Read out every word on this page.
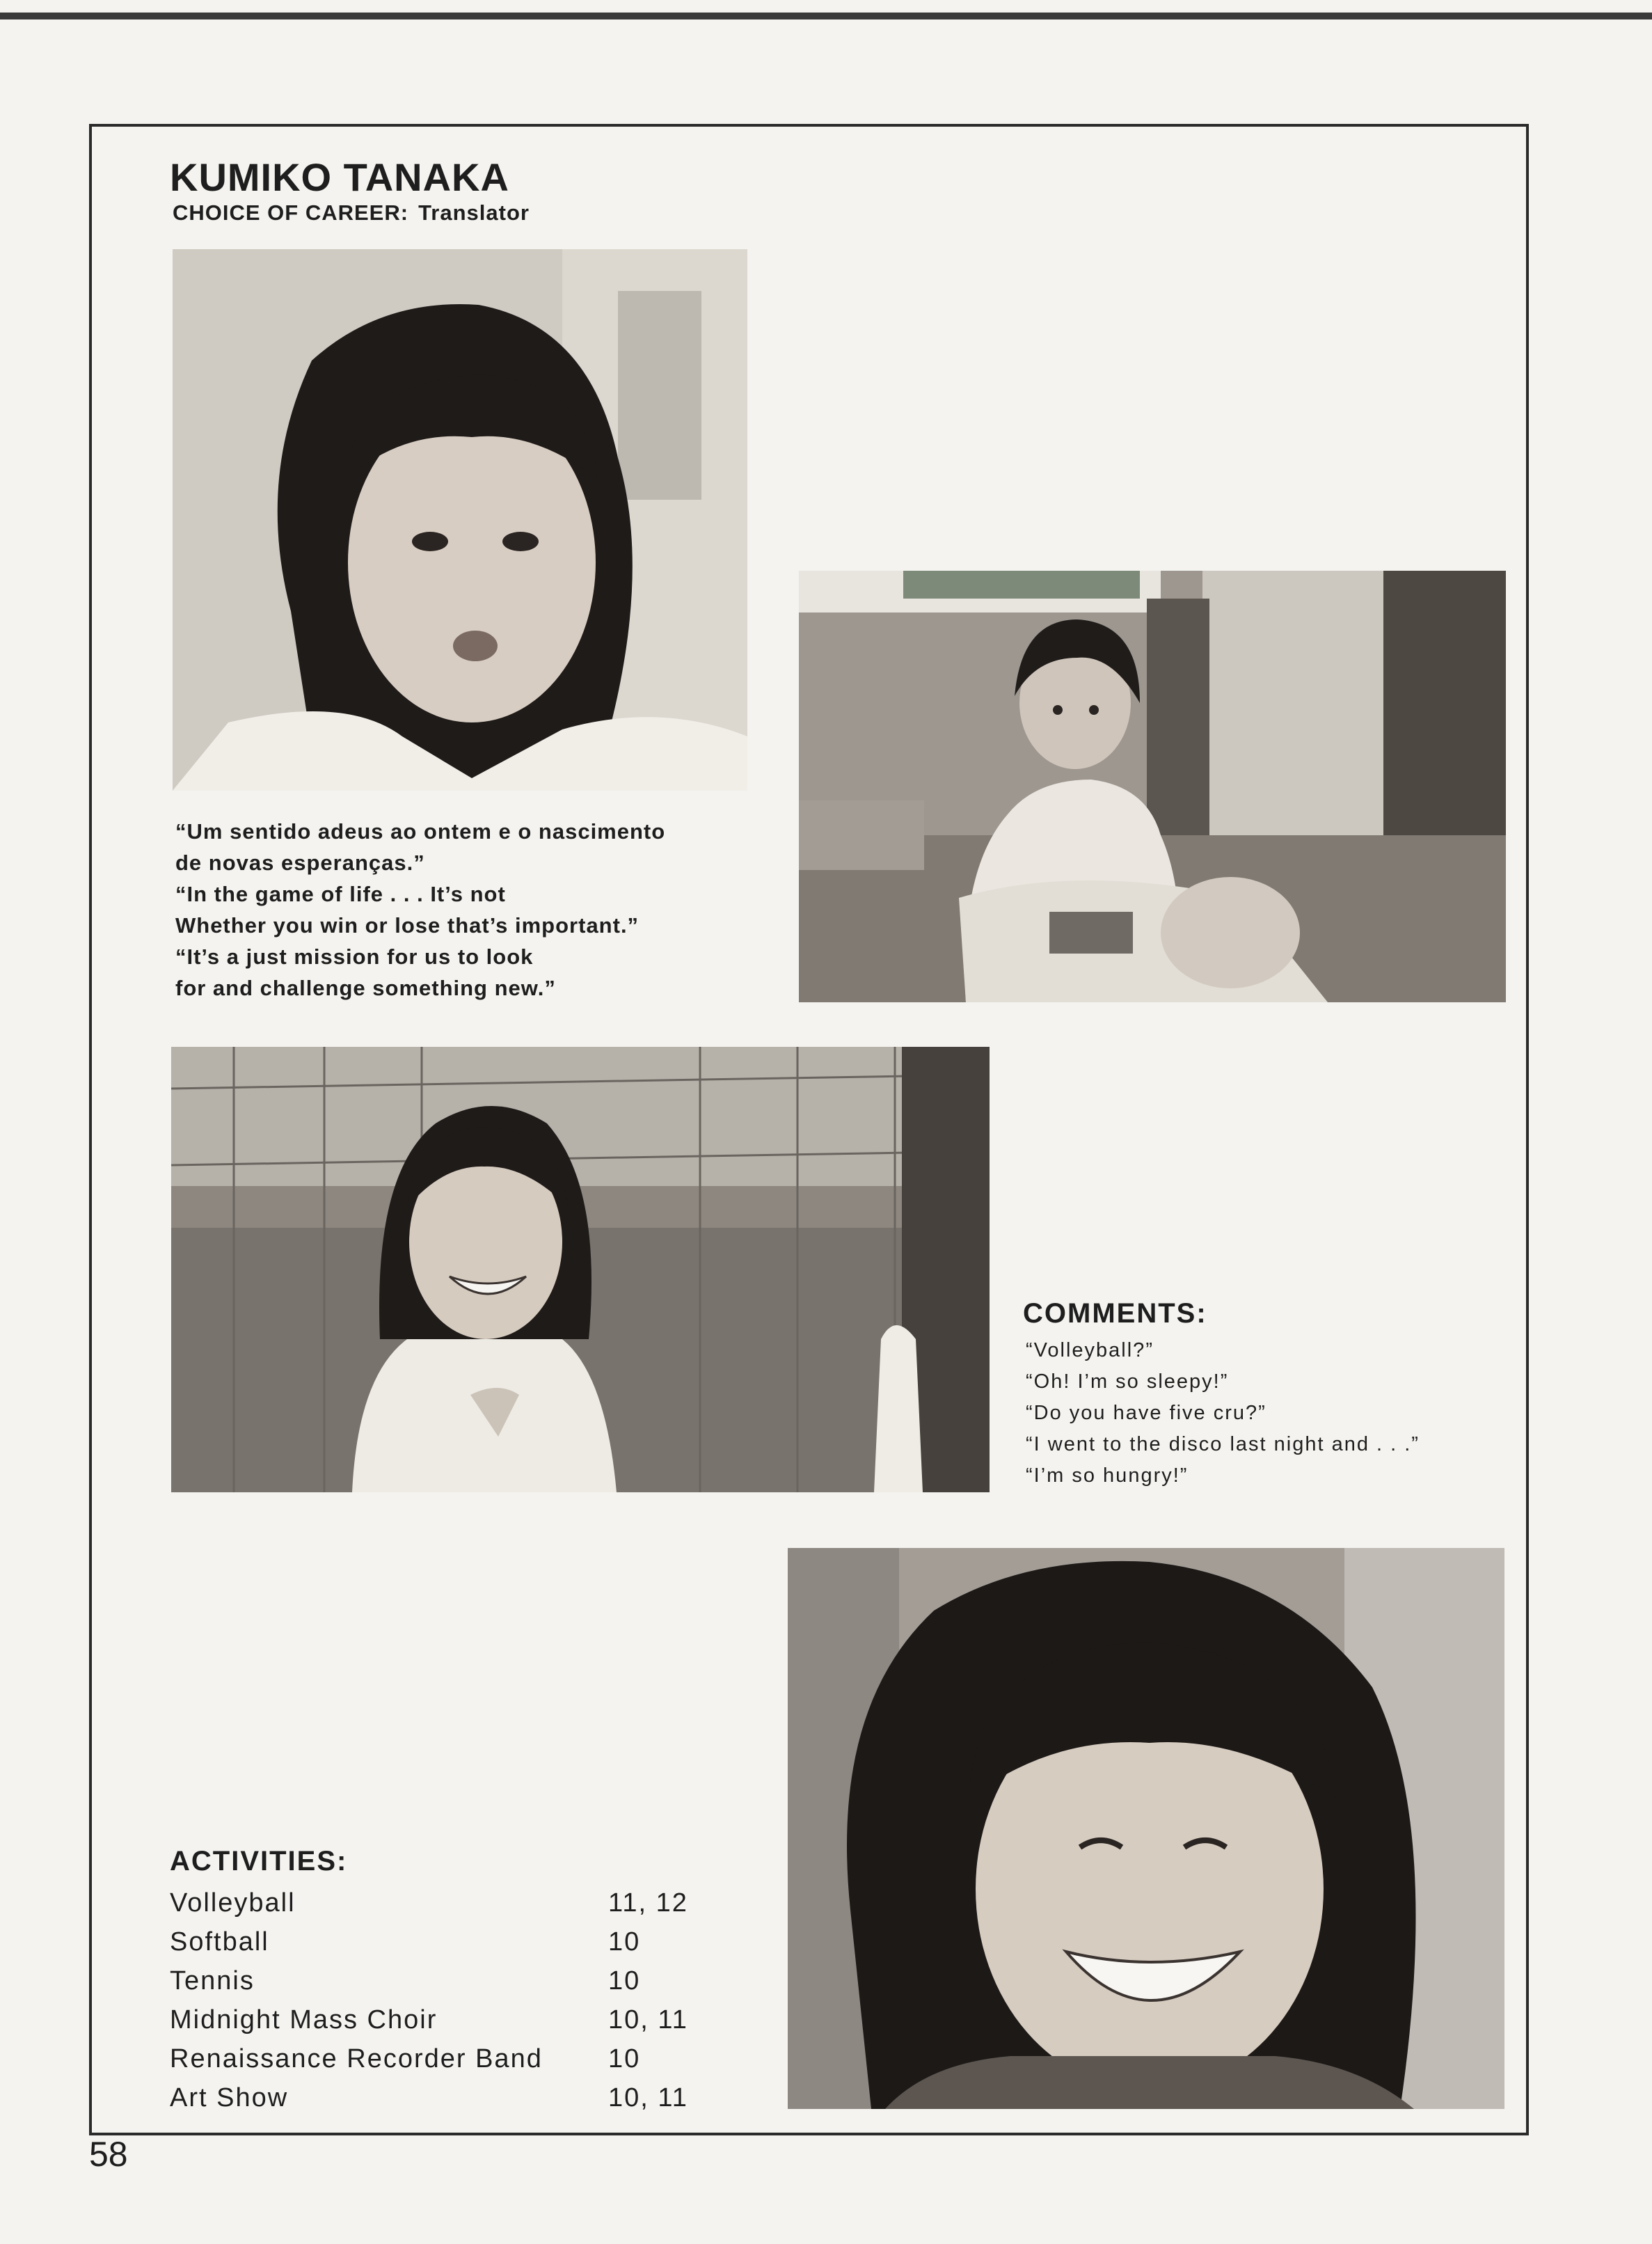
KUMIKO TANAKA
CHOICE OF CAREER: Translator
“Um sentido adeus ao ontem e o nascimento
de novas esperanças.”
“In the game of life . . . It’s not
Whether you win or lose that’s important.”
“It’s a just mission for us to look
for and challenge something new.”
COMMENTS:
“Volleyball?”
“Oh! I’m so sleepy!”
“Do you have five cru?”
“I went to the disco last night and . . .”
“I’m so hungry!”
ACTIVITIES:
Volleyball	11, 12
Softball	10
Tennis	10
Midnight Mass Choir	10, 11
Renaissance Recorder Band	10
Art Show	10, 11
58
